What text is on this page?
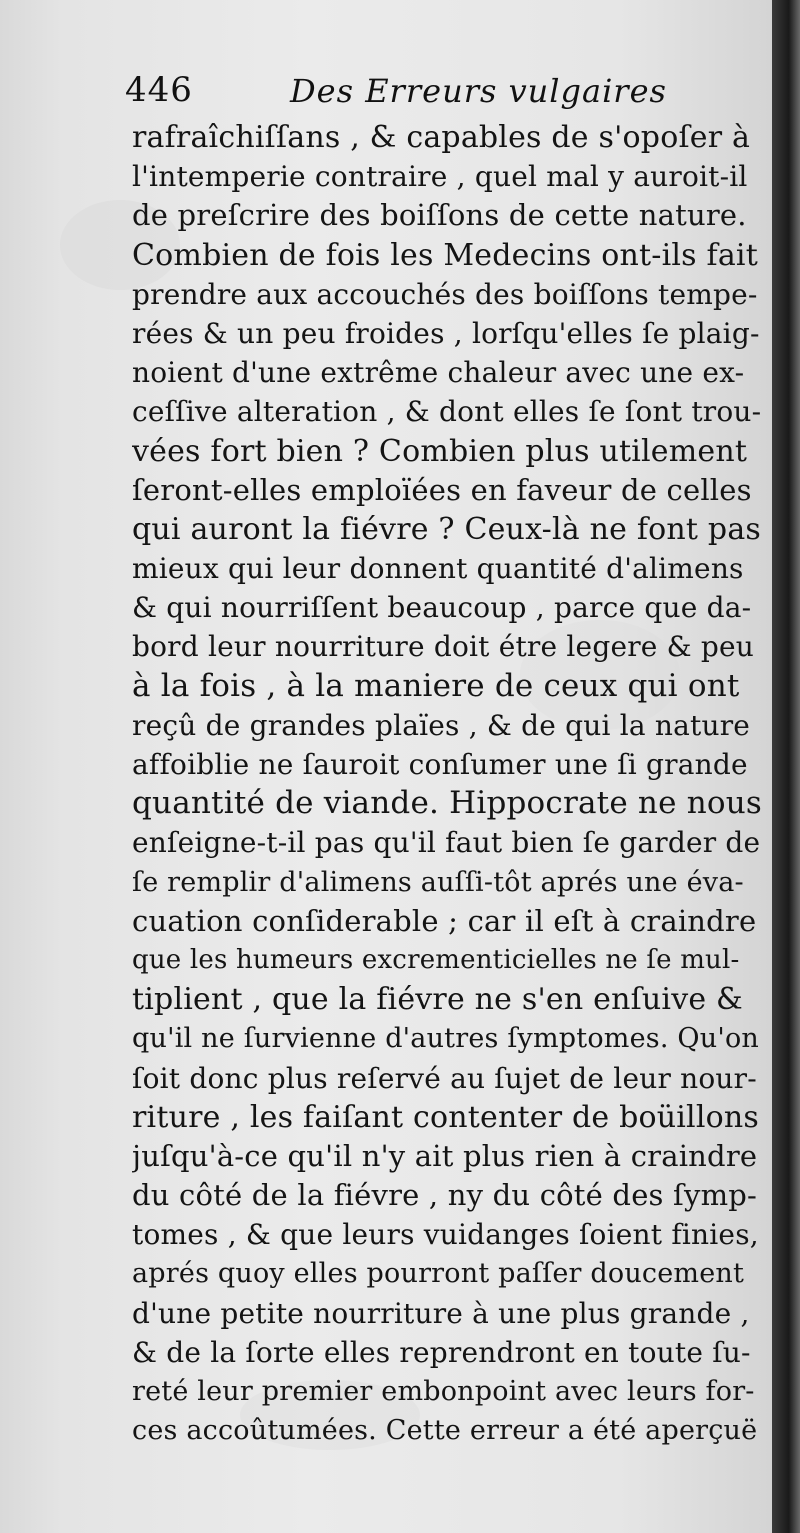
446	Des Erreurs vulgaires
rafraîchiſſans , & capables de s'opoſer à
l'intemperie contraire , quel mal y auroit-il
de preſcrire des boiſſons de cette nature.
Combien de fois les Medecins ont-ils fait
prendre aux accouchés des boiſſons tempe-
rées & un peu froides , lorſqu'elles ſe plaig-
noient d'une extrême chaleur avec une ex-
ceſſive alteration , & dont elles ſe ſont trou-
vées fort bien ? Combien plus utilement
ſeront-elles emploïées en faveur de celles
qui auront la fiévre ? Ceux-là ne font pas
mieux qui leur donnent quantité d'alimens
& qui nourriſſent beaucoup , parce que da-
bord leur nourriture doit étre legere & peu
à la fois , à la maniere de ceux qui ont
reçû de grandes plaïes , & de qui la nature
affoiblie ne ſauroit conſumer une ſi grande
quantité de viande. Hippocrate ne nous
enſeigne-t-il pas qu'il faut bien ſe garder de
ſe remplir d'alimens auſſi-tôt aprés une éva-
cuation conſiderable ; car il eſt à craindre
que les humeurs excrementicielles ne ſe mul-
tiplient , que la fiévre ne s'en enſuive &
qu'il ne ſurvienne d'autres ſymptomes. Qu'on
ſoit donc plus reſervé au ſujet de leur nour-
riture , les faiſant contenter de boüillons
juſqu'à-ce qu'il n'y ait plus rien à craindre
du côté de la fiévre , ny du côté des ſymp-
tomes , & que leurs vuidanges ſoient finies,
aprés quoy elles pourront paſſer doucement
d'une petite nourriture à une plus grande ,
& de la ſorte elles reprendront en toute ſu-
reté leur premier embonpoint avec leurs for-
ces accoûtumées. Cette erreur a été aperçuë
